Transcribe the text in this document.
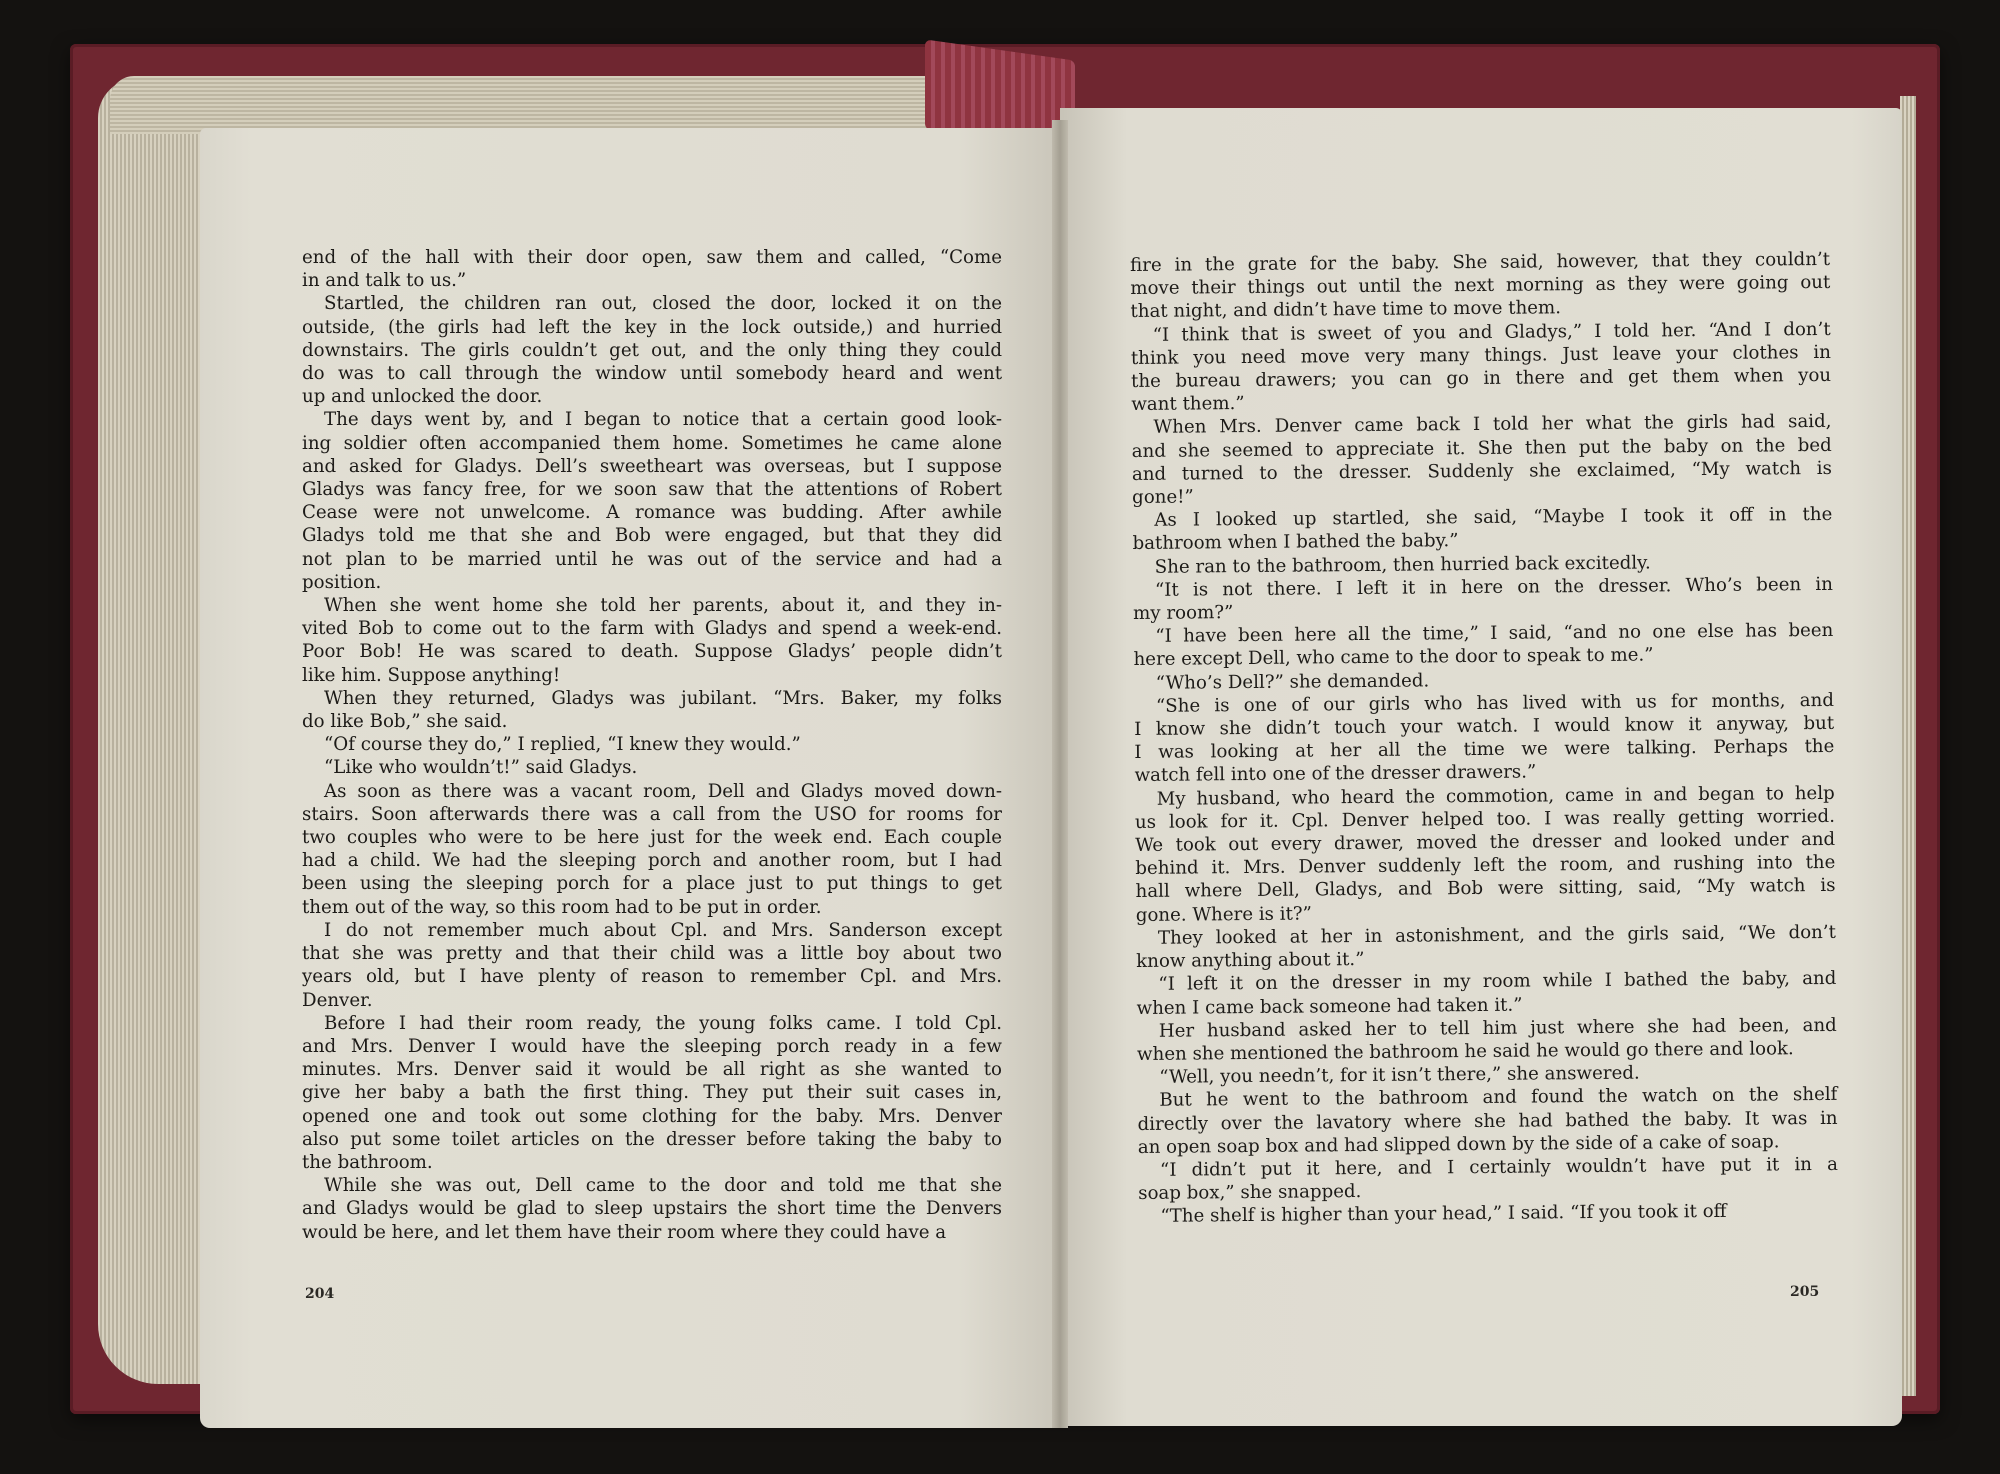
end of the hall with their door open, saw them and called, “Come
in and talk to us.”
Startled, the children ran out, closed the door, locked it on the
outside, (the girls had left the key in the lock outside,) and hurried
downstairs. The girls couldn’t get out, and the only thing they could
do was to call through the window until somebody heard and went
up and unlocked the door.
The days went by, and I began to notice that a certain good look-
ing soldier often accompanied them home. Sometimes he came alone
and asked for Gladys. Dell’s sweetheart was overseas, but I suppose
Gladys was fancy free, for we soon saw that the attentions of Robert
Cease were not unwelcome. A romance was budding. After awhile
Gladys told me that she and Bob were engaged, but that they did
not plan to be married until he was out of the service and had a
position.
When she went home she told her parents, about it, and they in-
vited Bob to come out to the farm with Gladys and spend a week-end.
Poor Bob! He was scared to death. Suppose Gladys’ people didn’t
like him. Suppose anything!
When they returned, Gladys was jubilant. “Mrs. Baker, my folks
do like Bob,” she said.
“Of course they do,” I replied, “I knew they would.”
“Like who wouldn’t!” said Gladys.
As soon as there was a vacant room, Dell and Gladys moved down-
stairs. Soon afterwards there was a call from the USO for rooms for
two couples who were to be here just for the week end. Each couple
had a child. We had the sleeping porch and another room, but I had
been using the sleeping porch for a place just to put things to get
them out of the way, so this room had to be put in order.
I do not remember much about Cpl. and Mrs. Sanderson except
that she was pretty and that their child was a little boy about two
years old, but I have plenty of reason to remember Cpl. and Mrs.
Denver.
Before I had their room ready, the young folks came. I told Cpl.
and Mrs. Denver I would have the sleeping porch ready in a few
minutes. Mrs. Denver said it would be all right as she wanted to
give her baby a bath the first thing. They put their suit cases in,
opened one and took out some clothing for the baby. Mrs. Denver
also put some toilet articles on the dresser before taking the baby to
the bathroom.
While she was out, Dell came to the door and told me that she
and Gladys would be glad to sleep upstairs the short time the Denvers
would be here, and let them have their room where they could have a
204
fire in the grate for the baby. She said, however, that they couldn’t
move their things out until the next morning as they were going out
that night, and didn’t have time to move them.
“I think that is sweet of you and Gladys,” I told her. “And I don’t
think you need move very many things. Just leave your clothes in
the bureau drawers; you can go in there and get them when you
want them.”
When Mrs. Denver came back I told her what the girls had said,
and she seemed to appreciate it. She then put the baby on the bed
and turned to the dresser. Suddenly she exclaimed, “My watch is
gone!”
As I looked up startled, she said, “Maybe I took it off in the
bathroom when I bathed the baby.”
She ran to the bathroom, then hurried back excitedly.
“It is not there. I left it in here on the dresser. Who’s been in
my room?”
“I have been here all the time,” I said, “and no one else has been
here except Dell, who came to the door to speak to me.”
“Who’s Dell?” she demanded.
“She is one of our girls who has lived with us for months, and
I know she didn’t touch your watch. I would know it anyway, but
I was looking at her all the time we were talking. Perhaps the
watch fell into one of the dresser drawers.”
My husband, who heard the commotion, came in and began to help
us look for it. Cpl. Denver helped too. I was really getting worried.
We took out every drawer, moved the dresser and looked under and
behind it. Mrs. Denver suddenly left the room, and rushing into the
hall where Dell, Gladys, and Bob were sitting, said, “My watch is
gone. Where is it?”
They looked at her in astonishment, and the girls said, “We don’t
know anything about it.”
“I left it on the dresser in my room while I bathed the baby, and
when I came back someone had taken it.”
Her husband asked her to tell him just where she had been, and
when she mentioned the bathroom he said he would go there and look.
“Well, you needn’t, for it isn’t there,” she answered.
But he went to the bathroom and found the watch on the shelf
directly over the lavatory where she had bathed the baby. It was in
an open soap box and had slipped down by the side of a cake of soap.
“I didn’t put it here, and I certainly wouldn’t have put it in a
soap box,” she snapped.
“The shelf is higher than your head,” I said. “If you took it off
205
